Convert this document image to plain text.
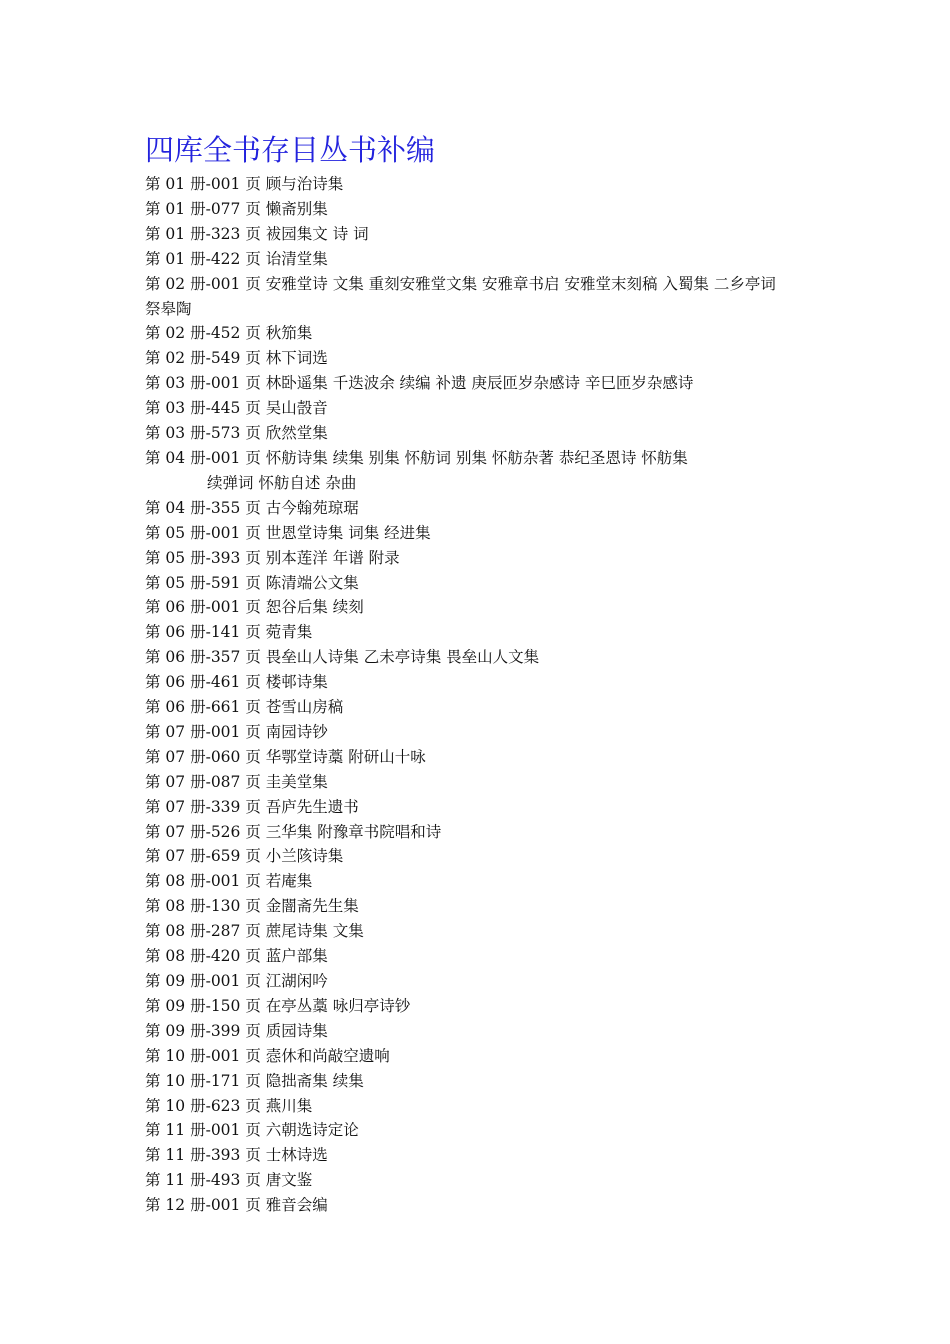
四库全书存目丛书补编
第 01 册-001 页 顾与治诗集
第 01 册-077 页 懒斋别集
第 01 册-323 页 袚园集文 诗 词
第 01 册-422 页 诒清堂集
第 02 册-001 页 安雅堂诗 文集 重刻安雅堂文集 安雅章书启 安雅堂末刻稿 入蜀集 二乡亭词
祭皋陶
第 02 册-452 页 秋笳集
第 02 册-549 页 林下词选
第 03 册-001 页 林卧遥集 千迭波余 续编 补遗 庚辰匝岁杂感诗 辛巳匝岁杂感诗
第 03 册-445 页 吴山嗀音
第 03 册-573 页 欣然堂集
第 04 册-001 页 怀舫诗集 续集 别集 怀舫词 别集 怀舫杂著 恭纪圣恩诗 怀舫集
续弹词 怀舫自述 杂曲
第 04 册-355 页 古今翰苑琼琚
第 05 册-001 页 世恩堂诗集 词集 经进集
第 05 册-393 页 别本莲洋 年谱 附录
第 05 册-591 页 陈清端公文集
第 06 册-001 页 恕谷后集 续刻
第 06 册-141 页 菀青集
第 06 册-357 页 畏垒山人诗集 乙未亭诗集 畏垒山人文集
第 06 册-461 页 楼邨诗集
第 06 册-661 页 苍雪山房稿
第 07 册-001 页 南园诗钞
第 07 册-060 页 华鄂堂诗藁 附研山十咏
第 07 册-087 页 圭美堂集
第 07 册-339 页 吾庐先生遗书
第 07 册-526 页 三华集 附豫章书院唱和诗
第 07 册-659 页 小兰陔诗集
第 08 册-001 页 若庵集
第 08 册-130 页 金闇斋先生集
第 08 册-287 页 蔗尾诗集 文集
第 08 册-420 页 蓝户部集
第 09 册-001 页 江湖闲吟
第 09 册-150 页 在亭丛藁 咏归亭诗钞
第 09 册-399 页 质园诗集
第 10 册-001 页 悫休和尚敲空遗响
第 10 册-171 页 隐拙斋集 续集
第 10 册-623 页 燕川集
第 11 册-001 页 六朝选诗定论
第 11 册-393 页 士林诗选
第 11 册-493 页 唐文鉴
第 12 册-001 页 雅音会编
